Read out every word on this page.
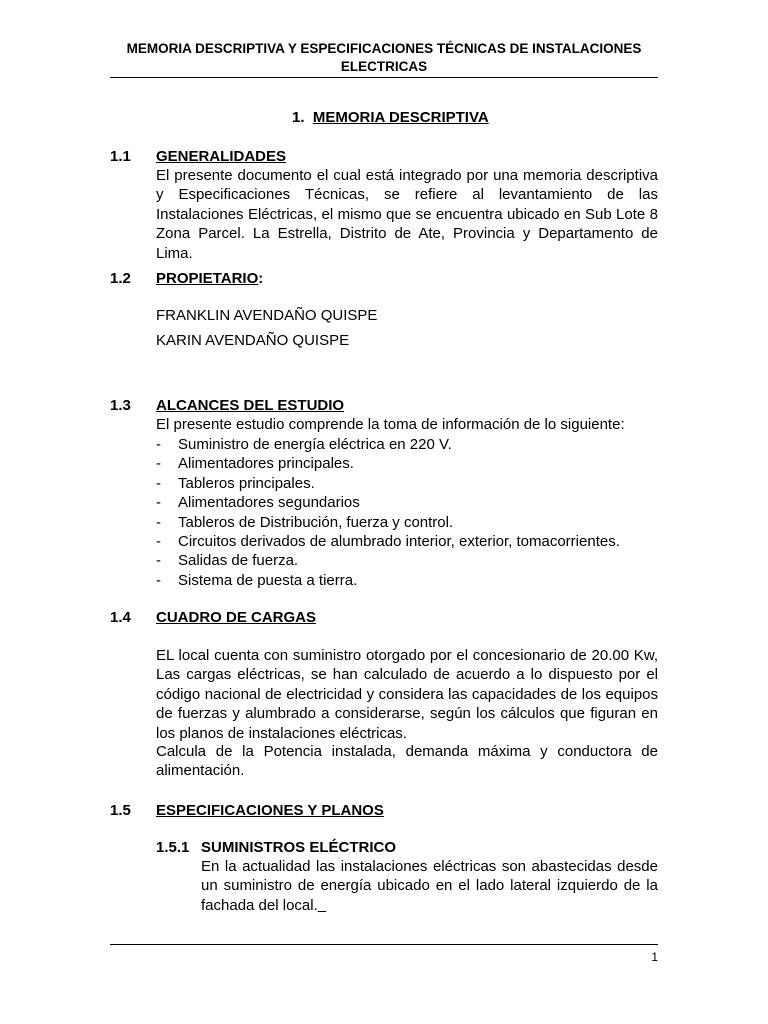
MEMORIA DESCRIPTIVA Y ESPECIFICACIONES TÉCNICAS DE INSTALACIONES ELECTRICAS
1. MEMORIA DESCRIPTIVA
1.1 GENERALIDADES
El presente documento el cual está integrado por una memoria descriptiva y Especificaciones Técnicas, se refiere al levantamiento de las Instalaciones Eléctricas, el mismo que se encuentra ubicado en Sub Lote 8 Zona Parcel. La Estrella, Distrito de Ate, Provincia y Departamento de Lima.
1.2 PROPIETARIO:
FRANKLIN AVENDAÑO QUISPE
KARIN AVENDAÑO QUISPE
1.3 ALCANCES DEL ESTUDIO
El presente estudio comprende la toma de información de lo siguiente:
- Suministro de energía eléctrica en 220 V.
- Alimentadores principales.
- Tableros principales.
- Alimentadores segundarios
- Tableros de Distribución, fuerza y control.
- Circuitos derivados de alumbrado interior, exterior, tomacorrientes.
- Salidas de fuerza.
- Sistema de puesta a tierra.
1.4 CUADRO DE CARGAS
EL local cuenta con suministro otorgado por el concesionario de 20.00 Kw, Las cargas eléctricas, se han calculado de acuerdo a lo dispuesto por el código nacional de electricidad y considera las capacidades de los equipos de fuerzas y alumbrado a considerarse, según los cálculos que figuran en los planos de instalaciones eléctricas.
Calcula de la Potencia instalada, demanda máxima y conductora de alimentación.
1.5 ESPECIFICACIONES Y PLANOS
1.5.1 SUMINISTROS ELÉCTRICO
En la actualidad las instalaciones eléctricas son abastecidas desde un suministro de energía ubicado en el lado lateral izquierdo de la fachada del local.
1
